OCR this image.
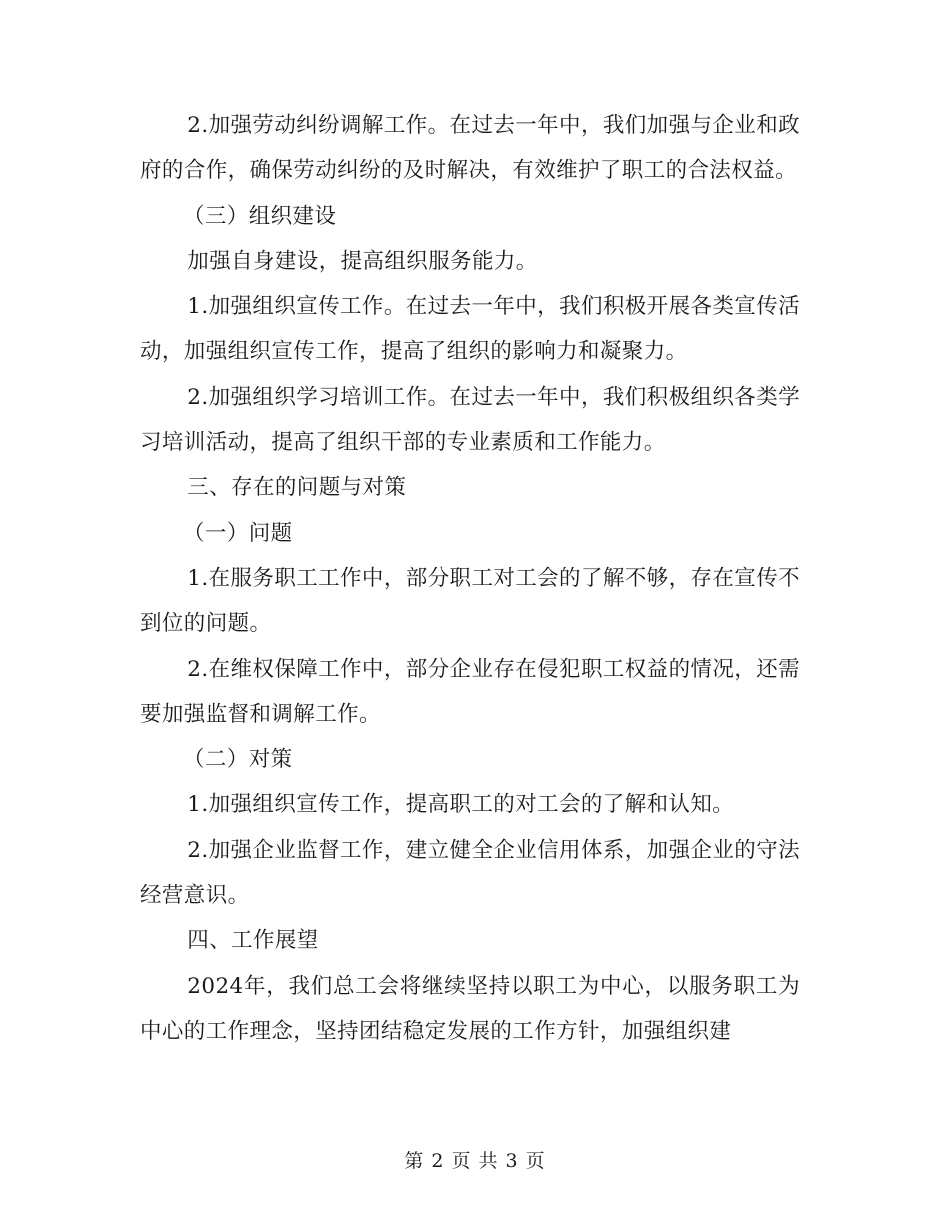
2.加强劳动纠纷调解工作。在过去一年中，我们加强与企业和政府的合作，确保劳动纠纷的及时解决，有效维护了职工的合法权益。

（三）组织建设

加强自身建设，提高组织服务能力。

1.加强组织宣传工作。在过去一年中，我们积极开展各类宣传活动，加强组织宣传工作，提高了组织的影响力和凝聚力。

2.加强组织学习培训工作。在过去一年中，我们积极组织各类学习培训活动，提高了组织干部的专业素质和工作能力。

三、存在的问题与对策

（一）问题

1.在服务职工工作中，部分职工对工会的了解不够，存在宣传不到位的问题。

2.在维权保障工作中，部分企业存在侵犯职工权益的情况，还需要加强监督和调解工作。

（二）对策

1.加强组织宣传工作，提高职工的对工会的了解和认知。

2.加强企业监督工作，建立健全企业信用体系，加强企业的守法经营意识。

四、工作展望

2024年，我们总工会将继续坚持以职工为中心，以服务职工为中心的工作理念，坚持团结稳定发展的工作方针，加强组织建

第 2 页 共 3 页
